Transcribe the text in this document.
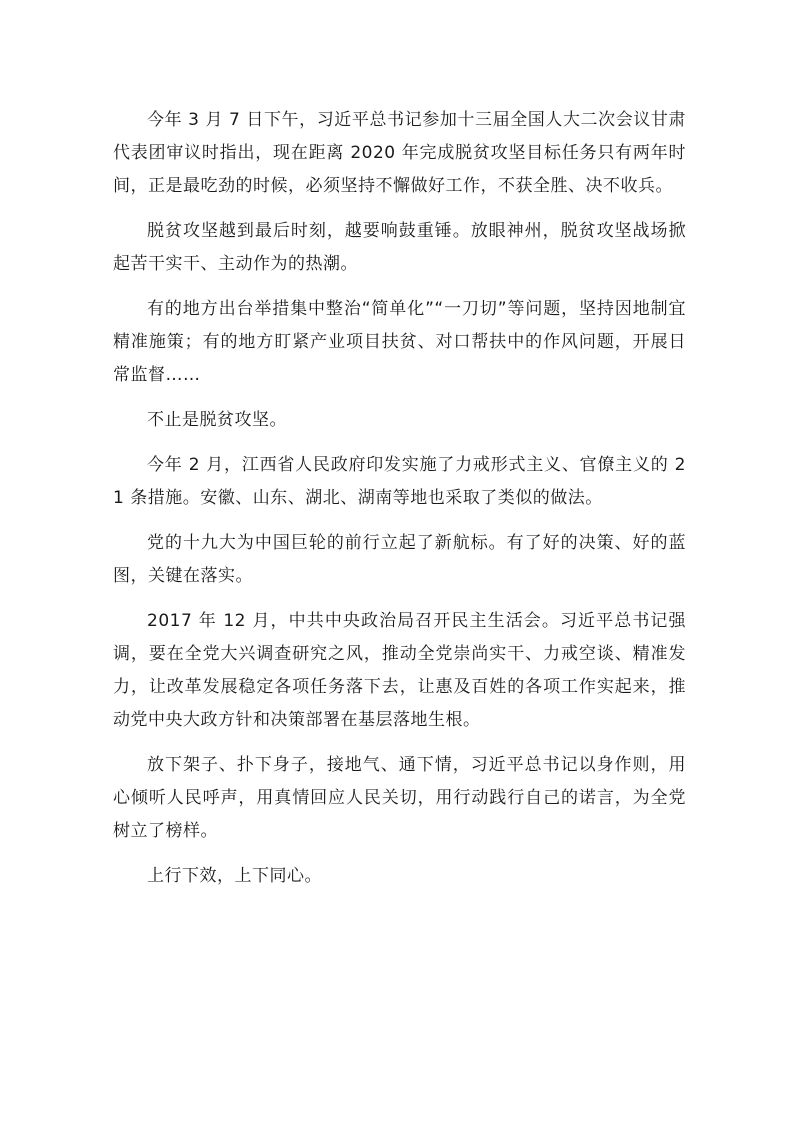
今年 3 月 7 日下午，习近平总书记参加十三届全国人大二次会议甘肃代表团审议时指出，现在距离 2020 年完成脱贫攻坚目标任务只有两年时间，正是最吃劲的时候，必须坚持不懈做好工作，不获全胜、决不收兵。

脱贫攻坚越到最后时刻，越要响鼓重锤。放眼神州，脱贫攻坚战场掀起苦干实干、主动作为的热潮。

有的地方出台举措集中整治“简单化”“一刀切”等问题，坚持因地制宜精准施策；有的地方盯紧产业项目扶贫、对口帮扶中的作风问题，开展日常监督……

不止是脱贫攻坚。

今年 2 月，江西省人民政府印发实施了力戒形式主义、官僚主义的 21 条措施。安徽、山东、湖北、湖南等地也采取了类似的做法。

党的十九大为中国巨轮的前行立起了新航标。有了好的决策、好的蓝图，关键在落实。

2017 年 12 月，中共中央政治局召开民主生活会。习近平总书记强调，要在全党大兴调查研究之风，推动全党崇尚实干、力戒空谈、精准发力，让改革发展稳定各项任务落下去，让惠及百姓的各项工作实起来，推动党中央大政方针和决策部署在基层落地生根。

放下架子、扑下身子，接地气、通下情，习近平总书记以身作则，用心倾听人民呼声，用真情回应人民关切，用行动践行自己的诺言，为全党树立了榜样。

上行下效，上下同心。
